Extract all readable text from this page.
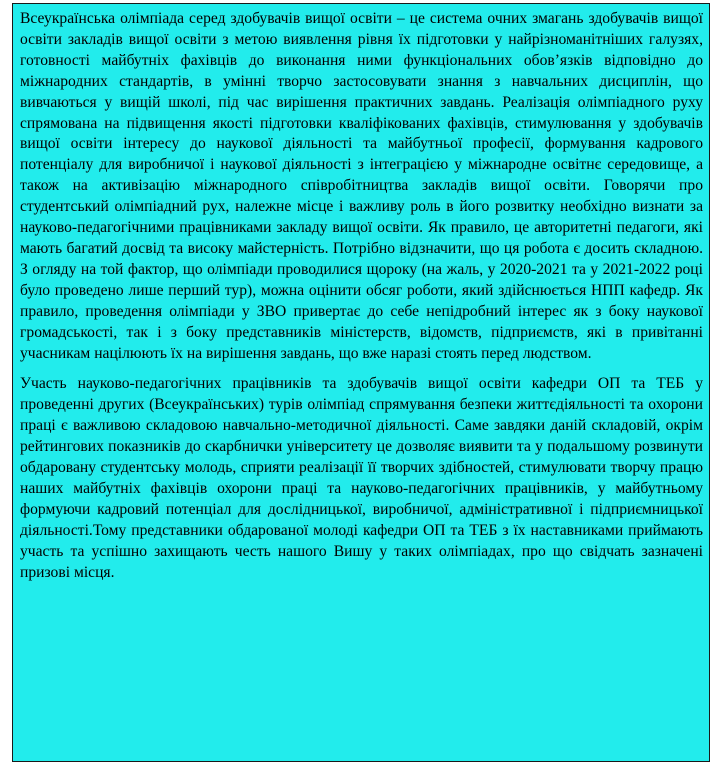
Всеукраїнська олімпіада серед здобувачів вищої освіти – це система очних змагань здобувачів вищої освіти закладів вищої освіти з метою виявлення рівня їх підготовки у найрізноманітніших галузях, готовності майбутніх фахівців до виконання ними функціональних обов’язків відповідно до міжнародних стандартів, в умінні творчо застосовувати знання з навчальних дисциплін, що вивчаються у вищій школі, під час вирішення практичних завдань. Реалізація олімпіадного руху спрямована на підвищення якості підготовки кваліфікованих фахівців, стимулювання у здобувачів вищої освіти інтересу до наукової діяльності та майбутньої професії, формування кадрового потенціалу для виробничої і наукової діяльності з інтеграцією у міжнародне освітнє середовище, а також на активізацію міжнародного співробітництва закладів вищої освіти. Говорячи про студентський олімпіадний рух, належне місце і важливу роль в його розвитку необхідно визнати за науково-педагогічними працівниками закладу вищої освіти. Як правило, це авторитетні педагоги, які мають багатий досвід та високу майстерність. Потрібно відзначити, що ця робота є досить складною. З огляду на той фактор, що олімпіади проводилися щороку (на жаль, у 2020-2021 та у 2021-2022 році було проведено лише перший тур), можна оцінити обсяг роботи, який здійснюється НПП кафедр. Як правило, проведення олімпіади у ЗВО привертає до себе непідробний інтерес як з боку наукової громадськості, так і з боку представників міністерств, відомств, підприємств, які в привітанні учасникам націлюють їх на вирішення завдань, що вже наразі стоять перед людством.

Участь науково-педагогічних працівників та здобувачів вищої освіти кафедри ОП та ТЕБ у проведенні других (Всеукраїнських) турів олімпіад спрямування безпеки життєдіяльності та охорони праці є важливою складовою навчально-методичної діяльності. Саме завдяки даній складовій, окрім рейтингових показників до скарбнички університету це дозволяє виявити та у подальшому розвинути обдаровану студентську молодь, сприяти реалізації її творчих здібностей, стимулювати творчу працю наших майбутніх фахівців охорони праці та науково-педагогічних працівників, у майбутньому формуючи кадровий потенціал для дослідницької, виробничої, адміністративної і підприємницької діяльності.Тому представники обдарованої молоді кафедри ОП та ТЕБ з їх наставниками приймають участь та успішно захищають честь нашого Вишу у таких олімпіадах, про що свідчать зазначені призові місця.
